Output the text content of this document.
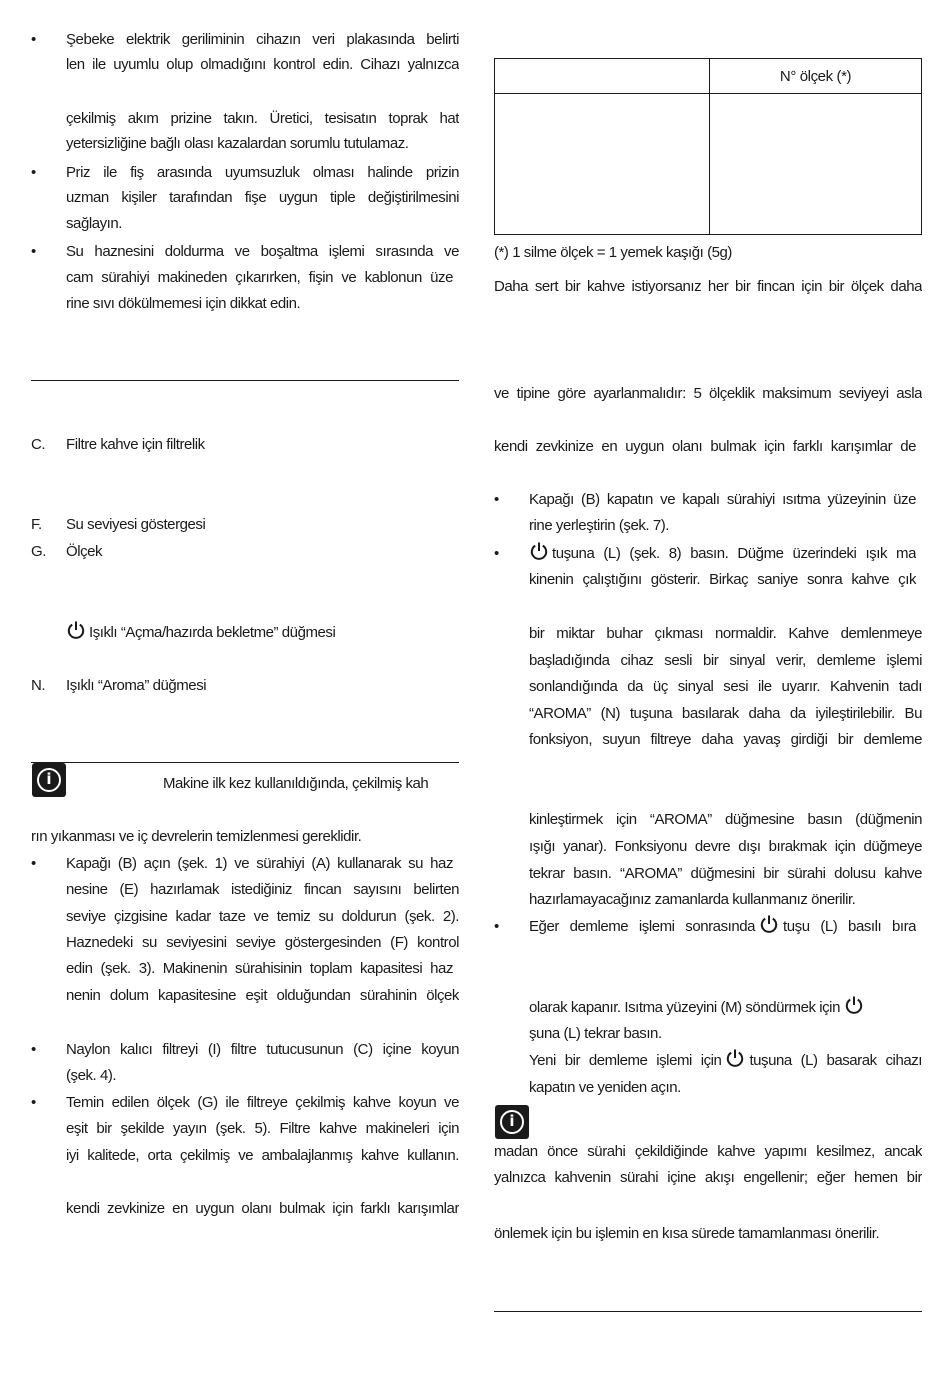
•	Şebeke elektrik geriliminin cihazın veri plakasında belirti
len ile uyumlu olup olmadığını kontrol edin. Cihazı yalnızca
çekilmiş akım prizine takın. Üretici, tesisatın toprak hat
yetersizliğine bağlı olası kazalardan sorumlu tutulamaz.
•	Priz ile fiş arasında uyumsuzluk olması halinde prizin
uzman kişiler tarafından fişe uygun tiple değiştirilmesini
sağlayın.
•	Su haznesini doldurma ve boşaltma işlemi sırasında ve
cam sürahiyi makineden çıkarırken, fişin ve kablonun üze
rine sıvı dökülmemesi için dikkat edin.
C.	Filtre kahve için filtrelik
F.	Su seviyesi göstergesi
G.	Ölçek
Işıklı “Açma/hazırda bekletme” düğmesi
N.	Işıklı “Aroma” düğmesi
i	Makine ilk kez kullanıldığında, çekilmiş kah
rın yıkanması ve iç devrelerin temizlenmesi gereklidir.
•	Kapağı (B) açın (şek. 1) ve sürahiyi (A) kullanarak su haz
nesine (E) hazırlamak istediğiniz fincan sayısını belirten
seviye çizgisine kadar taze ve temiz su doldurun (şek. 2).
Haznedeki su seviyesini seviye göstergesinden (F) kontrol
edin (şek. 3). Makinenin sürahisinin toplam kapasitesi haz
nenin dolum kapasitesine eşit olduğundan sürahinin ölçek
•	Naylon kalıcı filtreyi (I) filtre tutucusunun (C) içine koyun
(şek. 4).
•	Temin edilen ölçek (G) ile filtreye çekilmiş kahve koyun ve
eşit bir şekilde yayın (şek. 5). Filtre kahve makineleri için
iyi kalitede, orta çekilmiş ve ambalajlanmış kahve kullanın.
kendi zevkinize en uygun olanı bulmak için farklı karışımlar
	N° ölçek (*)

(*) 1 silme ölçek = 1 yemek kaşığı (5g)
Daha sert bir kahve istiyorsanız her bir fincan için bir ölçek daha
ve tipine göre ayarlanmalıdır: 5 ölçeklik maksimum seviyeyi asla
kendi zevkinize en uygun olanı bulmak için farklı karışımlar de
•	Kapağı (B) kapatın ve kapalı sürahiyi ısıtma yüzeyinin üze
rine yerleştirin (şek. 7).
•	tuşuna (L) (şek. 8) basın. Düğme üzerindeki ışık ma
kinenin çalıştığını gösterir. Birkaç saniye sonra kahve çık
bir miktar buhar çıkması normaldir. Kahve demlenmeye
başladığında cihaz sesli bir sinyal verir, demleme işlemi
sonlandığında da üç sinyal sesi ile uyarır. Kahvenin tadı
“AROMA” (N) tuşuna basılarak daha da iyileştirilebilir. Bu
fonksiyon, suyun filtreye daha yavaş girdiği bir demleme
kinleştirmek için “AROMA” düğmesine basın (düğmenin
ışığı yanar). Fonksiyonu devre dışı bırakmak için düğmeye
tekrar basın. “AROMA” düğmesini bir sürahi dolusu kahve
hazırlamayacağınız zamanlarda kullanmanız önerilir.
•	Eğer demleme işlemi sonrasında tuşu (L) basılı bıra
olarak kapanır. Isıtma yüzeyini (M) söndürmek için
şuna (L) tekrar basın.
Yeni bir demleme işlemi için tuşuna (L) basarak cihazı
kapatın ve yeniden açın.
i
madan önce sürahi çekildiğinde kahve yapımı kesilmez, ancak
yalnızca kahvenin sürahi içine akışı engellenir; eğer hemen bir
önlemek için bu işlemin en kısa sürede tamamlanması önerilir.
